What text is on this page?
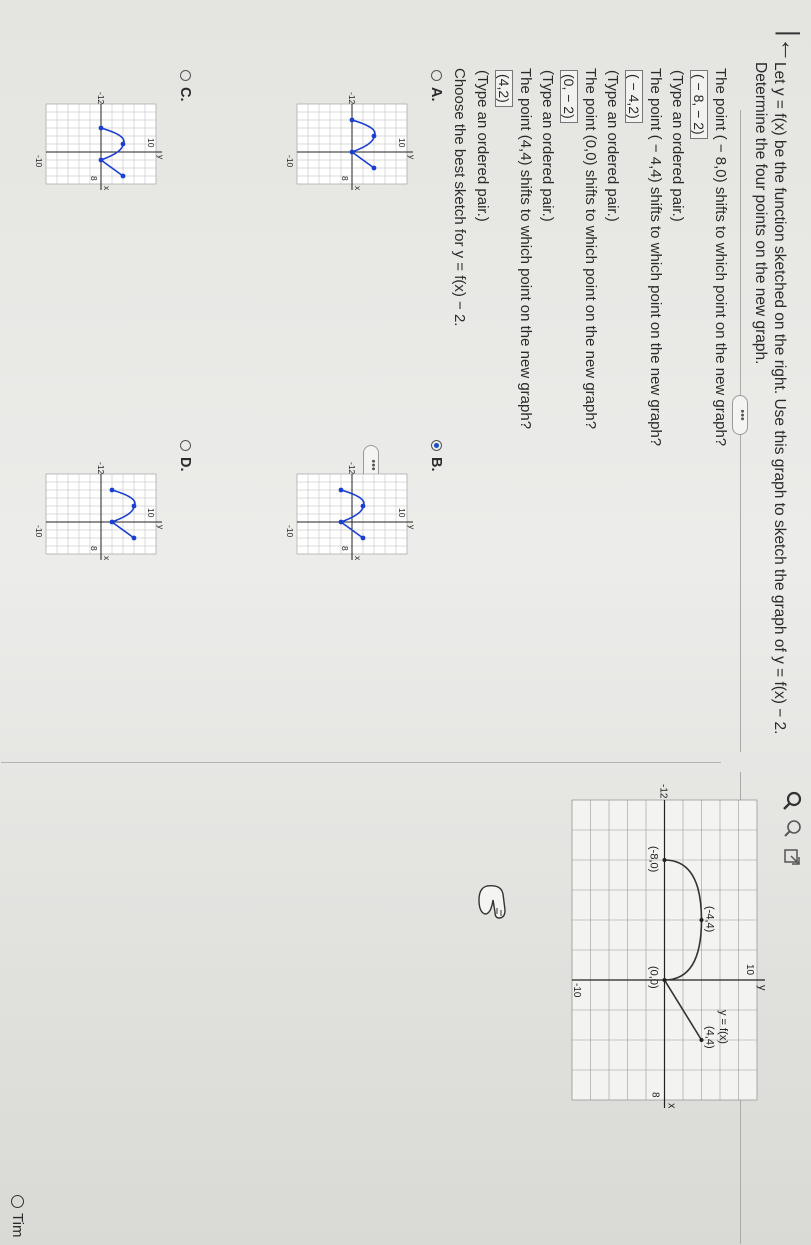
|←
Let y = f(x) be the function sketched on the right. Use this graph to sketch the graph of y = f(x) − 2. Determine the four points on the new graph.
•••
•••
The point ( − 8,0) shifts to which point on the new graph?
( − 8, − 2)
(Type an ordered pair.)
The point ( − 4,4) shifts to which point on the new graph?
( − 4,2)
(Type an ordered pair.)
The point (0,0) shifts to which point on the new graph?
(0, − 2)
(Type an ordered pair.)
The point (4,4) shifts to which point on the new graph?
(4,2)
(Type an ordered pair.)
Choose the best sketch for y = f(x) − 2.
A.
B.
C.
D.
10
-10
-12
8
y
x
10
-10
-12
8
y
x
10
-10
-12
8
y
x
10
-10
-12
8
y
x
(-8,0)
(-4,4)
(0,0)
(4,4) y = f(x)
y
x
10
-10
-12
8
Tim
